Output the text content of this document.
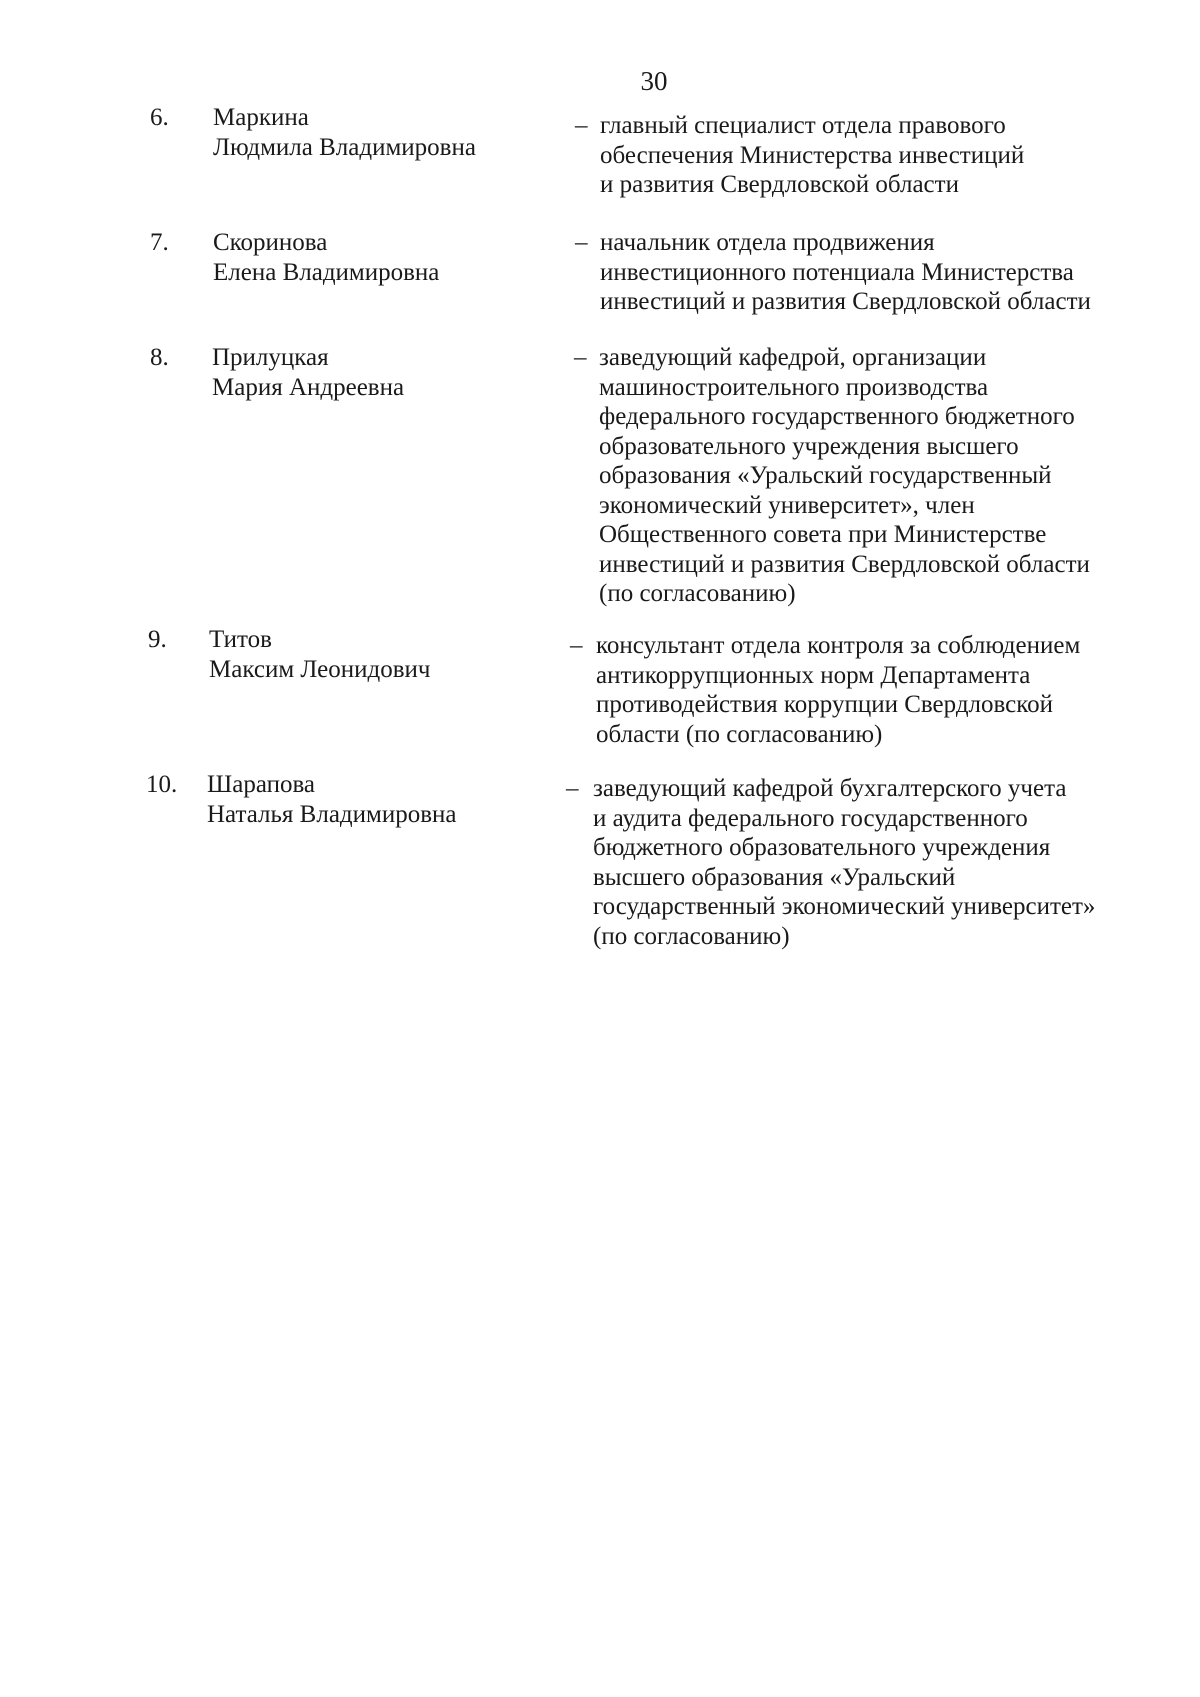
30
6. Маркина
Людмила Владимировна
– главный специалист отдела правового
обеспечения Министерства инвестиций
и развития Свердловской области
7. Скоринова
Елена Владимировна
– начальник отдела продвижения
инвестиционного потенциала Министерства
инвестиций и развития Свердловской области
8. Прилуцкая
Мария Андреевна
– заведующий кафедрой, организации
машиностроительного производства
федерального государственного бюджетного
образовательного учреждения высшего
образования «Уральский государственный
экономический университет», член
Общественного совета при Министерстве
инвестиций и развития Свердловской области
(по согласованию)
9. Титов
Максим Леонидович
– консультант отдела контроля за соблюдением
антикоррупционных норм Департамента
противодействия коррупции Свердловской
области (по согласованию)
10. Шарапова
Наталья Владимировна
– заведующий кафедрой бухгалтерского учета
и аудита федерального государственного
бюджетного образовательного учреждения
высшего образования «Уральский
государственный экономический университет»
(по согласованию)
